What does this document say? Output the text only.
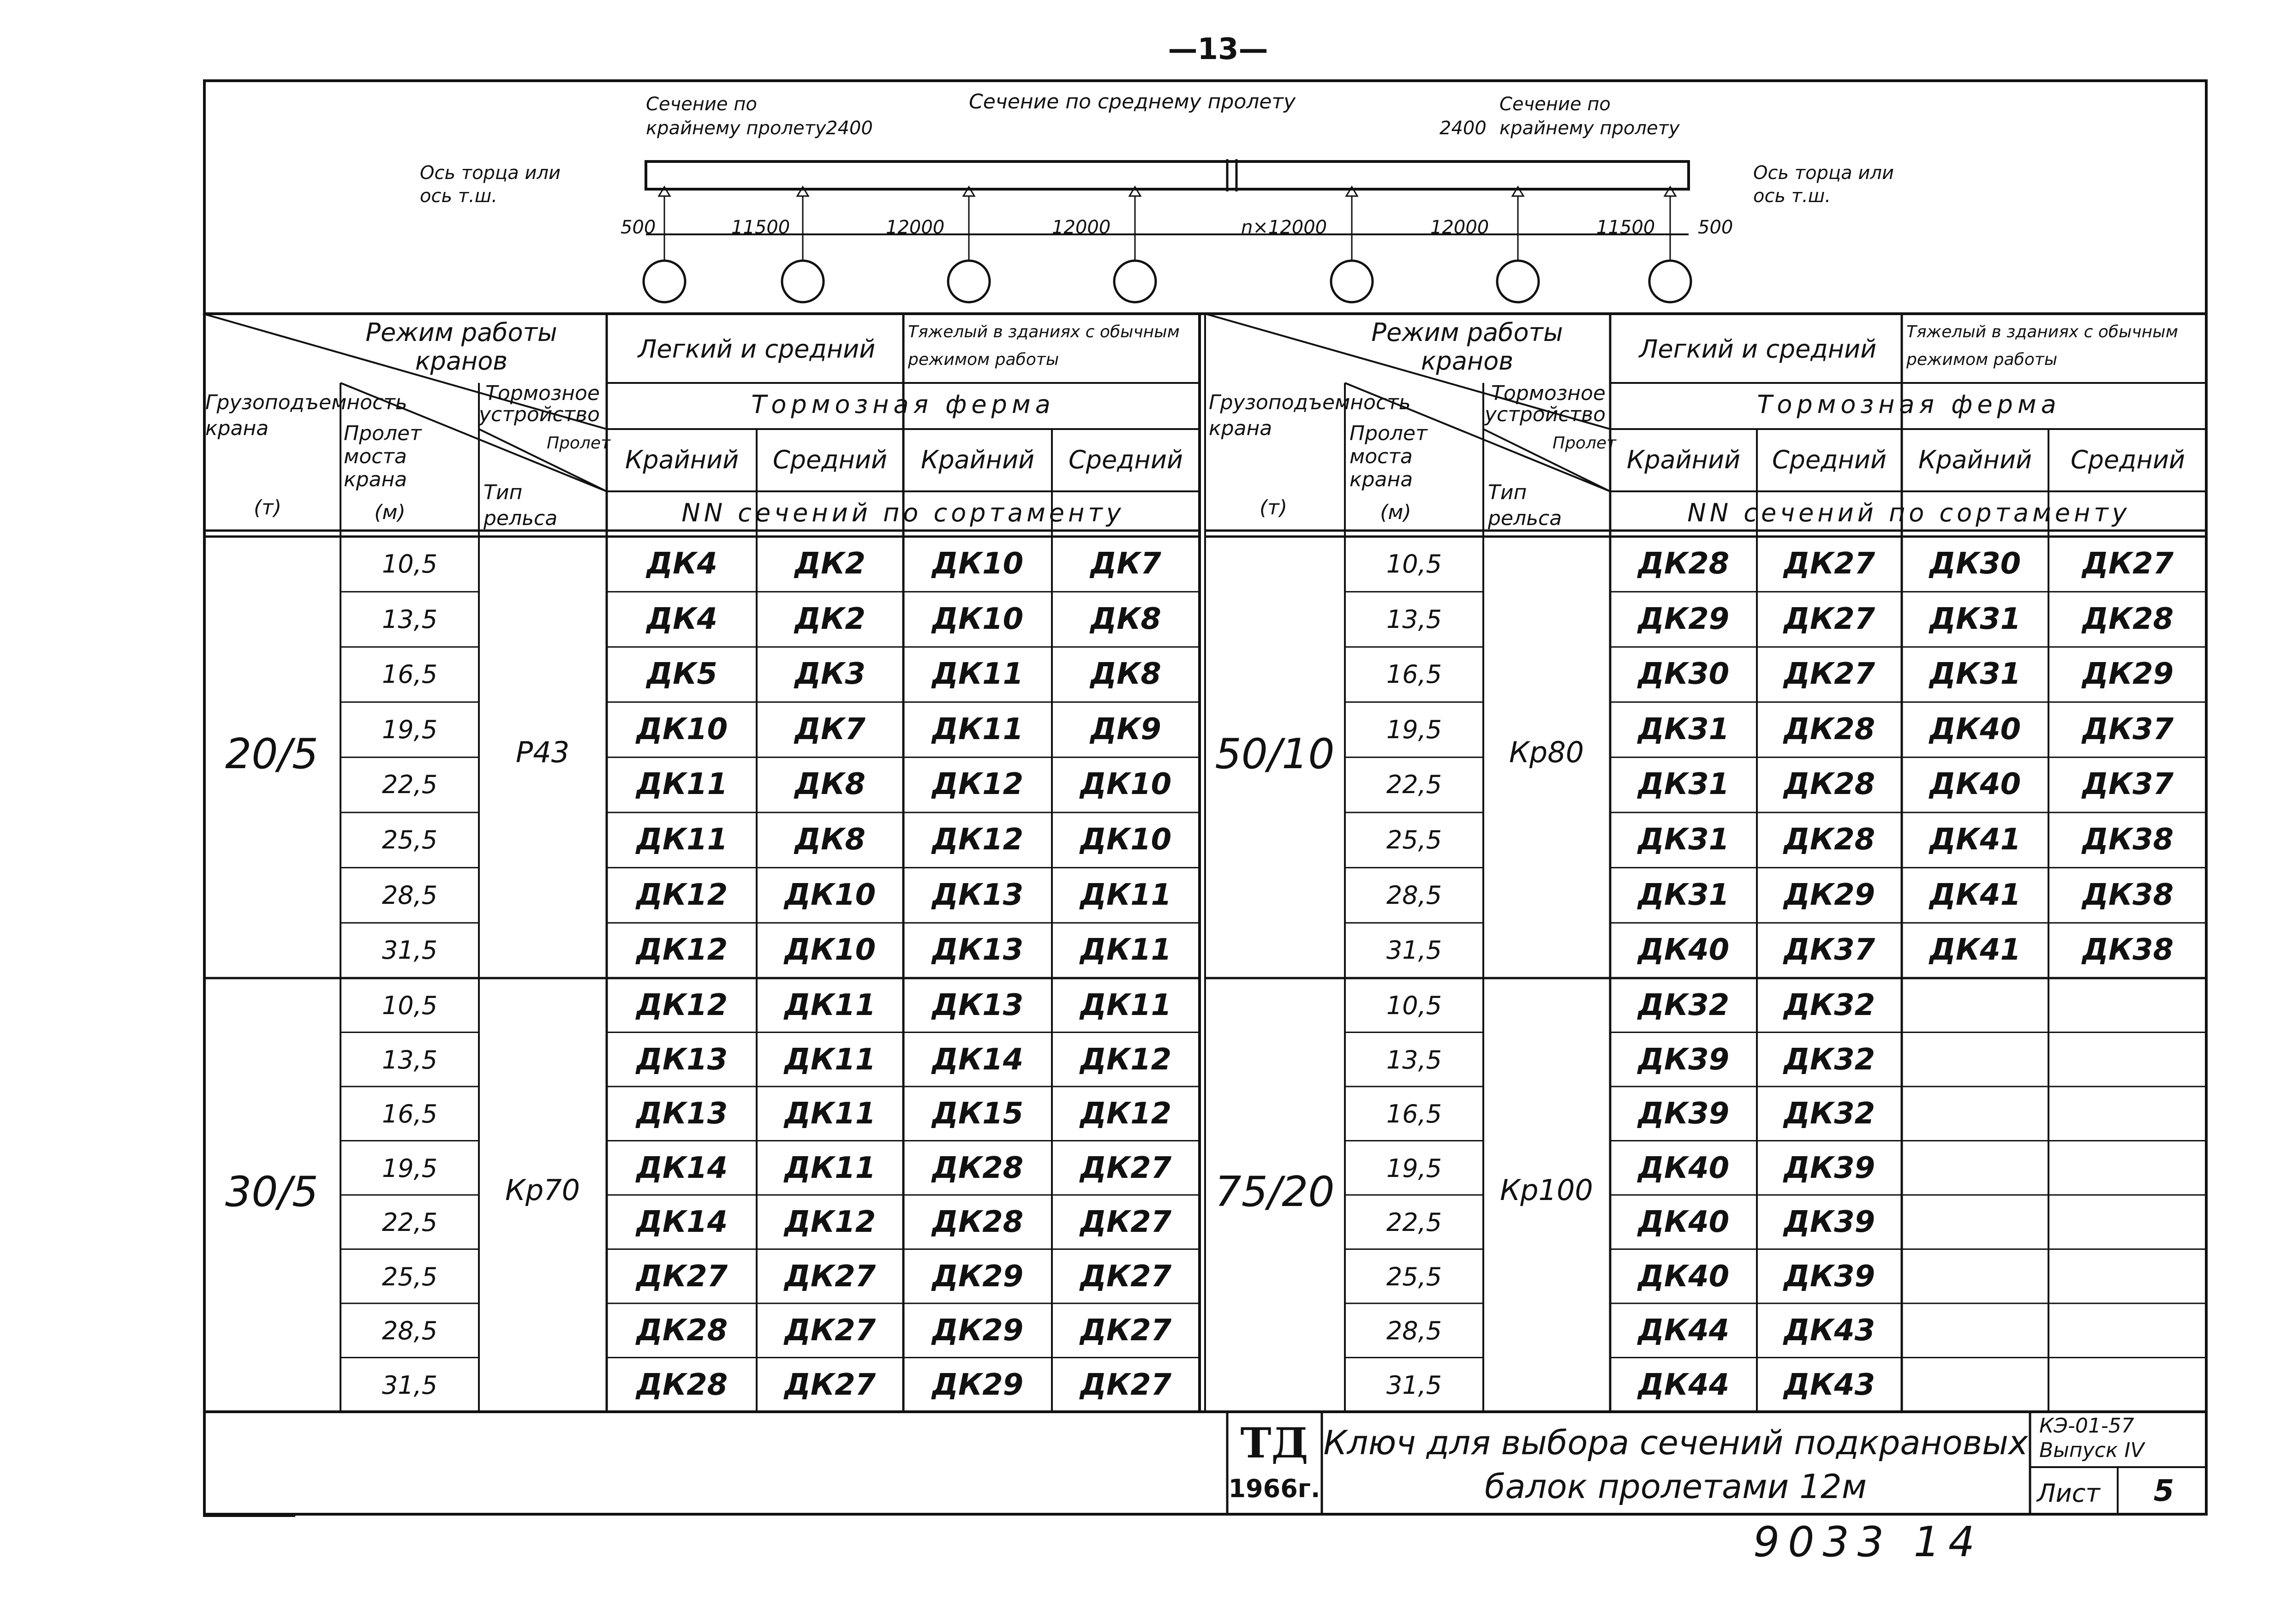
—13—
Сечение по крайнему пролету
Сечение по среднему пролету	Сечение по крайнему пролету
2400	2400
Ось торца или ось т.ш.
Ось торца или ось т.ш.
500	11500	12000	12000	n×12000	12000	11500 500
Режим работы кранов	Легкий и средний
Тяжелый в зданиях с обычным режимом работы
Тормозное устройство	Тормозная ферма
Грузоподъемность крана
(т)
Пролет моста крана
(м)
Пролет
Тип рельса
Крайний Средний Крайний Средний
NN сечений по сортаменту
Режим работы кранов	Легкий и средний
Тяжелый в зданиях с обычным режимом работы
Тормозное устройство	Тормозная ферма
Грузоподъемность крана
(т)
Пролет моста крана
(м)
Пролет
Тип рельса
Крайний Средний Крайний Средний
NN сечений по сортаменту
20/5	Р43
10,5	ДК4	ДК2 ДК10 ДК7
13,5	ДК4	ДК2 ДК10 ДК8
16,5	ДК5	ДК3 ДК11 ДК8
19,5	ДК10 ДК7 ДК11 ДК9
22,5	ДК11 ДК8 ДК12 ДК10
25,5	ДК11 ДК8 ДК12 ДК10
28,5	ДК12 ДК10 ДК13 ДК11
31,5	ДК12 ДК10 ДК13 ДК11
30/5	Кр70
10,5	ДК12 ДК11 ДК13 ДК11
13,5	ДК13 ДК11 ДК14 ДК12
16,5	ДК13 ДК11 ДК15 ДК12
19,5	ДК14 ДК11 ДК28 ДК27
22,5	ДК14 ДК12 ДК28 ДК27
25,5	ДК27 ДК27 ДК29 ДК27
28,5	ДК28 ДК27 ДК29 ДК27
31,5	ДК28 ДК27 ДК29 ДК27
50/10	Кр80
10,5	ДК28 ДК27 ДК30 ДК27
13,5	ДК29 ДК27 ДК31 ДК28
16,5	ДК30 ДК27 ДК31 ДК29
19,5	ДК31 ДК28 ДК40 ДК37
22,5	ДК31 ДК28 ДК40 ДК37
25,5	ДК31 ДК28 ДК41 ДК38
28,5	ДК31 ДК29 ДК41 ДК38
31,5	ДК40 ДК37 ДК41 ДК38
75/20	Кр100
10,5	ДК32 ДК32
13,5	ДК39 ДК32
16,5	ДК39 ДК32
19,5	ДК40 ДК39
22,5	ДК40 ДК39
25,5	ДК40 ДК39
28,5	ДК44 ДК43
31,5	ДК44 ДК43
ТД
1966г.
Ключ для выбора сечений подкрановых
балок пролетами 12м
КЭ-01-57
Выпуск IV
Лист 5
9033 14
